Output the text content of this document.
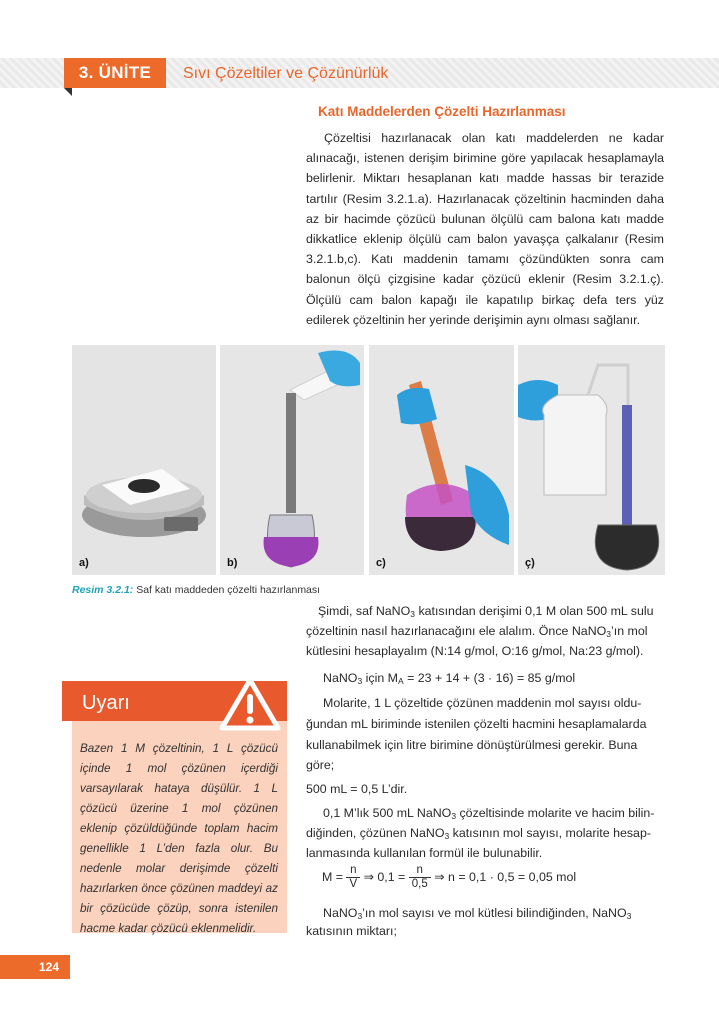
3. ÜNİTE	Sıvı Çözeltiler ve Çözünürlük
Katı Maddelerden Çözelti Hazırlanması
Çözeltisi hazırlanacak olan katı maddelerden ne kadar alınacağı, istenen derişim birimine göre yapılacak hesaplamayla belirlenir. Miktarı hesaplanan katı madde hassas bir terazide tartılır (Resim 3.2.1.a). Hazırlanacak çözeltinin hacminden daha az bir hacimde çözücü bulunan ölçülü cam balona katı madde dikkatlice eklenip ölçülü cam balon yavaşça çalkalanır (Resim 3.2.1.b,c). Katı maddenin tamamı çözündükten sonra cam balonun ölçü çizgisine kadar çözücü eklenir (Resim 3.2.1.ç). Ölçülü cam balon kapağı ile kapatılıp birkaç defa ters yüz edilerek çözeltinin her yerinde derişimin aynı olması sağlanır.
a)	b)	c)	ç)
Resim 3.2.1: Saf katı maddeden çözelti hazırlanması
Uyarı
Bazen 1 M çözeltinin, 1 L çözücü içinde 1 mol çözünen içerdiği varsayılarak hataya düşülür. 1 L çözücü üzerine 1 mol çözünen eklenip çözüldüğünde toplam hacim genellikle 1 L’den fazla olur. Bu nedenle molar derişimde çözelti hazırlarken önce çözünen maddeyi az bir çözücüde çözüp, sonra istenilen hacme kadar çözücü eklenmelidir.
Şimdi, saf NaNO$_3$ katısından derişimi 0,1 M olan 500 mL sulu
çözeltinin nasıl hazırlanacağını ele alalım. Önce NaNO$_3$’ın mol
kütlesini hesaplayalım (N:14 g/mol, O:16 g/mol, Na:23 g/mol).
NaNO$_3$ için $M_A = 23 + 14 + (3 \cdot 16) = 85$ g/mol
Molarite, 1 L çözeltide çözünen maddenin mol sayısı oldu-
ğundan mL biriminde istenilen çözelti hacmini hesaplamalarda
kullanabilmek için litre birimine dönüştürülmesi gerekir. Buna
göre;
500 mL = 0,5 L’dir.
0,1 M’lık 500 mL NaNO$_3$ çözeltisinde molarite ve hacim bilin-
diğinden, çözünen NaNO$_3$ katısının mol sayısı, molarite hesap-
lanmasında kullanılan formül ile bulunabilir.
$M = \frac{n}{V}$ ⇒ $0,1 = \frac{n}{0,5}$ ⇒ n = 0,1 · 0,5 = 0,05 mol
NaNO$_3$’ın mol sayısı ve mol kütlesi bilindiğinden, NaNO$_3$
katısının miktarı;
124
